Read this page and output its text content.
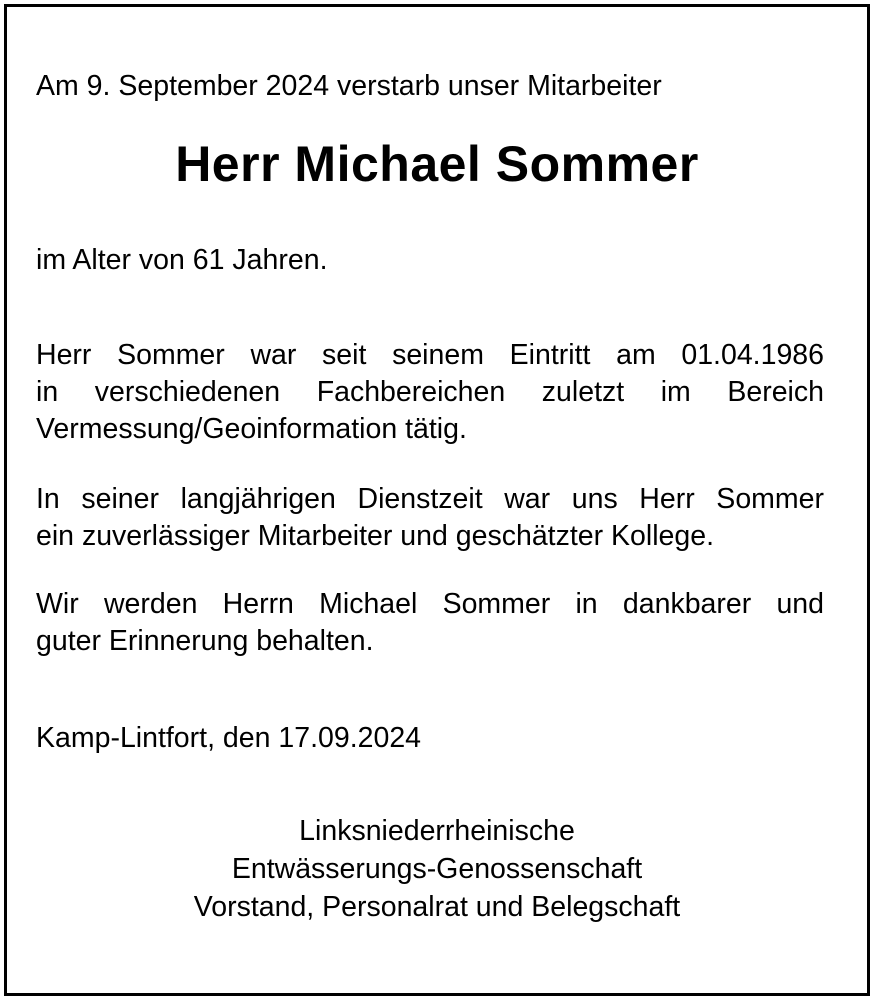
Am 9. September 2024 verstarb unser Mitarbeiter
Herr Michael Sommer
im Alter von 61 Jahren.
Herr Sommer war seit seinem Eintritt am 01.04.1986
in verschiedenen Fachbereichen zuletzt im Bereich
Vermessung/Geoinformation tätig.
In seiner langjährigen Dienstzeit war uns Herr Sommer
ein zuverlässiger Mitarbeiter und geschätzter Kollege.
Wir werden Herrn Michael Sommer in dankbarer und
guter Erinnerung behalten.
Kamp-Lintfort, den 17.09.2024
Linksniederrheinische
Entwässerungs-Genossenschaft
Vorstand, Personalrat und Belegschaft
